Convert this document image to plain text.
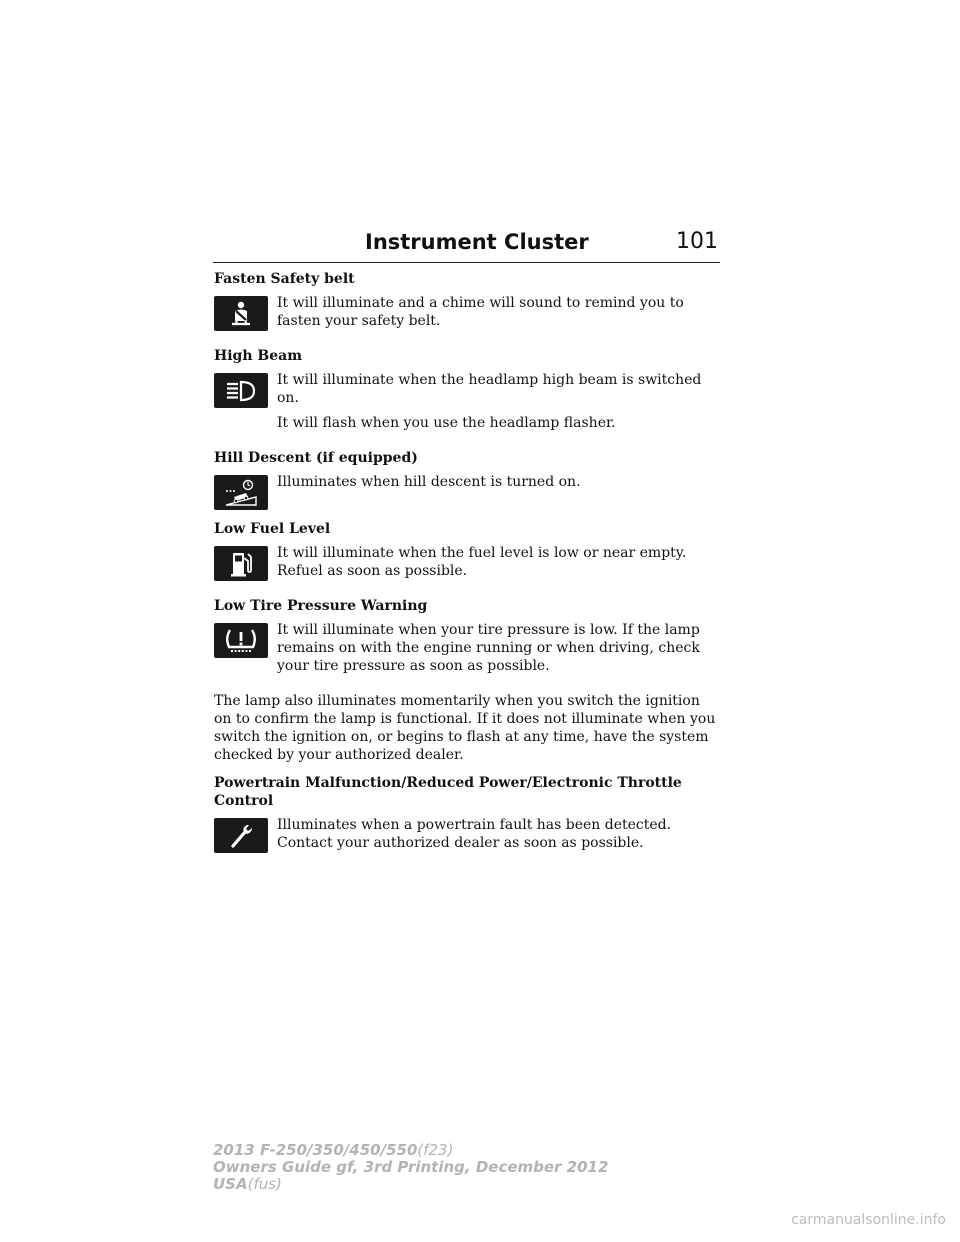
Instrument Cluster	101
Fasten Safety belt

It will illuminate and a chime will sound to remind you to fasten your safety belt.

High Beam

It will illuminate when the headlamp high beam is switched on.

It will flash when you use the headlamp flasher.

Hill Descent (if equipped)

Illuminates when hill descent is turned on.

Low Fuel Level

It will illuminate when the fuel level is low or near empty. Refuel as soon as possible.

Low Tire Pressure Warning

It will illuminate when your tire pressure is low. If the lamp remains on with the engine running or when driving, check your tire pressure as soon as possible.

The lamp also illuminates momentarily when you switch the ignition on to confirm the lamp is functional. If it does not illuminate when you switch the ignition on, or begins to flash at any time, have the system checked by your authorized dealer.

Powertrain Malfunction/Reduced Power/Electronic Throttle Control

Illuminates when a powertrain fault has been detected. Contact your authorized dealer as soon as possible.

2013 F-250/350/450/550(f23)
Owners Guide gf, 3rd Printing, December 2012
USA(fus)
carmanualsonline.info
